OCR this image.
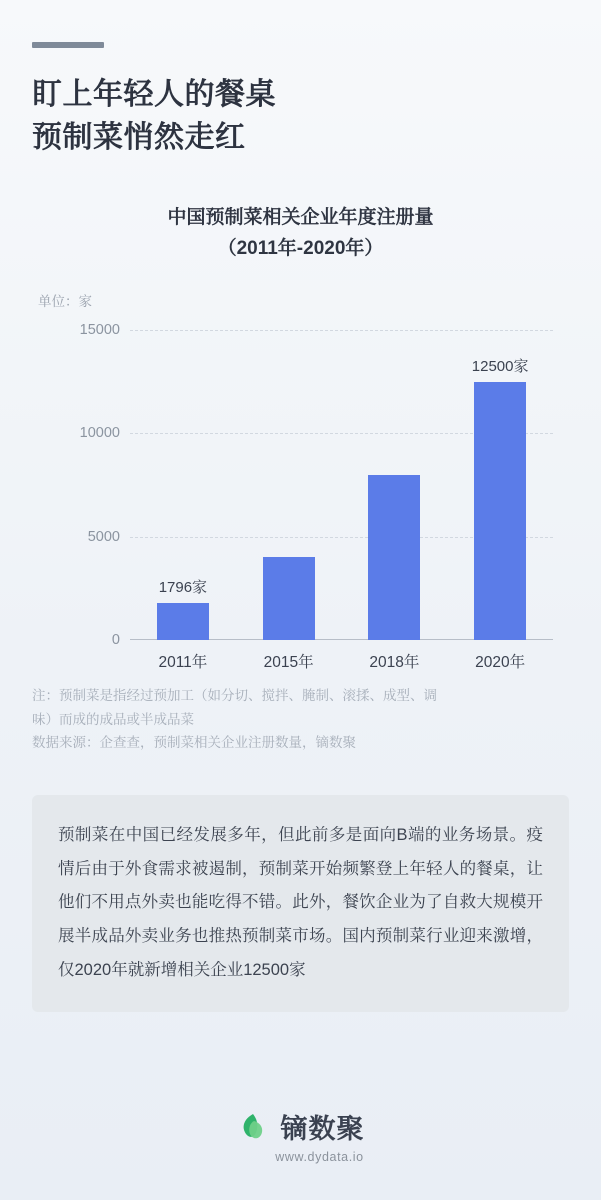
盯上年轻人的餐桌
预制菜悄然走红
中国预制菜相关企业年度注册量
（2011年-2020年）
单位：家
0
5000
10000
15000
1796家
2011年	2015年	2018年
12500家
2020年

注：预制菜是指经过预加工（如分切、搅拌、腌制、滚揉、成型、调

味）而成的成品或半成品菜

数据来源：企查查，预制菜相关企业注册数量，镝数聚

预制菜在中国已经发展多年，但此前多是面向B端的业务场景。疫情后由于外食需求被遏制，预制菜开始频繁登上年轻人的餐桌，让他们不用点外卖也能吃得不错。此外，餐饮企业为了自救大规模开展半成品外卖业务也推热预制菜市场。国内预制菜行业迎来激增，仅2020年就新增相关企业12500家
镝数聚
www.dydata.io
